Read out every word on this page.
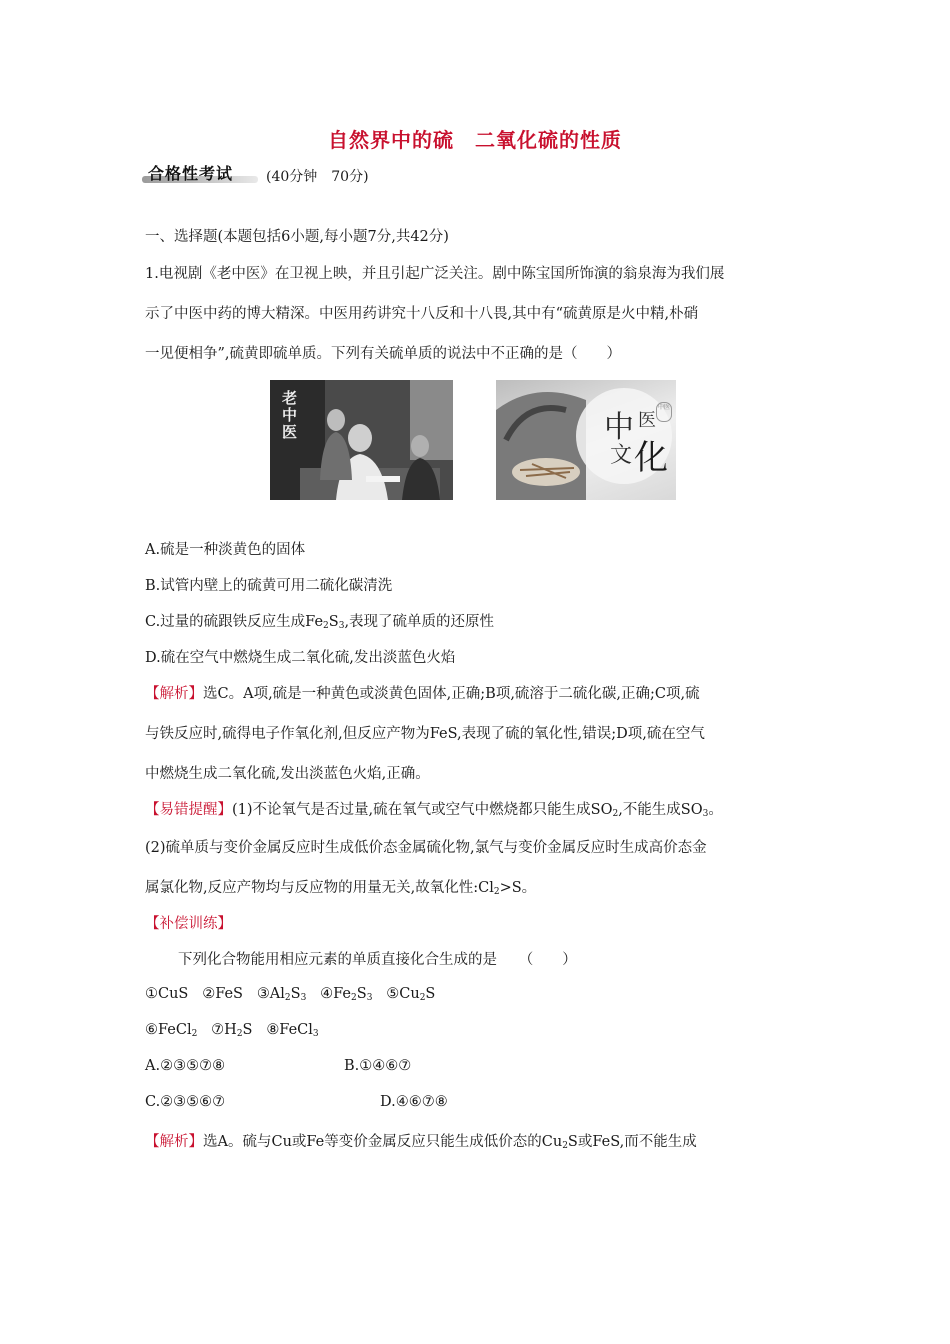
自然界中的硫　二氧化硫的性质
合格性考试 (40分钟　70分)
一、选择题(本题包括6小题,每小题7分,共42分)
1.电视剧《老中医》在卫视上映，并且引起广泛关注。剧中陈宝国所饰演的翁泉海为我们展
示了中医中药的博大精深。中医用药讲究十八反和十八畏,其中有“硫黄原是火中精,朴硝
一见便相争”,硫黄即硫单质。下列有关硫单质的说法中不正确的是（　　）
老中医	中 医
文 化
中医
A.硫是一种淡黄色的固体
B.试管内壁上的硫黄可用二硫化碳清洗
C.过量的硫跟铁反应生成$Fe_2S_3$,表现了硫单质的还原性
D.硫在空气中燃烧生成二氧化硫,发出淡蓝色火焰
【解析】选C。A项,硫是一种黄色或淡黄色固体,正确;B项,硫溶于二硫化碳,正确;C项,硫
与铁反应时,硫得电子作氧化剂,但反应产物为FeS,表现了硫的氧化性,错误;D项,硫在空气
中燃烧生成二氧化硫,发出淡蓝色火焰,正确。
【易错提醒】(1)不论氧气是否过量,硫在氧气或空气中燃烧都只能生成$SO_2$,不能生成$SO_3$。
(2)硫单质与变价金属反应时生成低价态金属硫化物,氯气与变价金属反应时生成高价态金
属氯化物,反应产物均与反应物的用量无关,故氧化性$:Cl_2>S$。
【补偿训练】
下列化合物能用相应元素的单质直接化合生成的是　　（　　）
①CuS ②FeS $③Al_2S_3$ $④Fe_2S_3$ $⑤Cu_2S$
⑥FeCl$_2$ $⑦H_2S$ ⑧FeCl$_3$
A.②③⑤⑦⑧	B.①④⑥⑦
C.②③⑤⑥⑦	D.④⑥⑦⑧
【解析】选A。硫与Cu或Fe等变价金属反应只能生成低价态的$Cu_2S$或FeS,而不能生成
